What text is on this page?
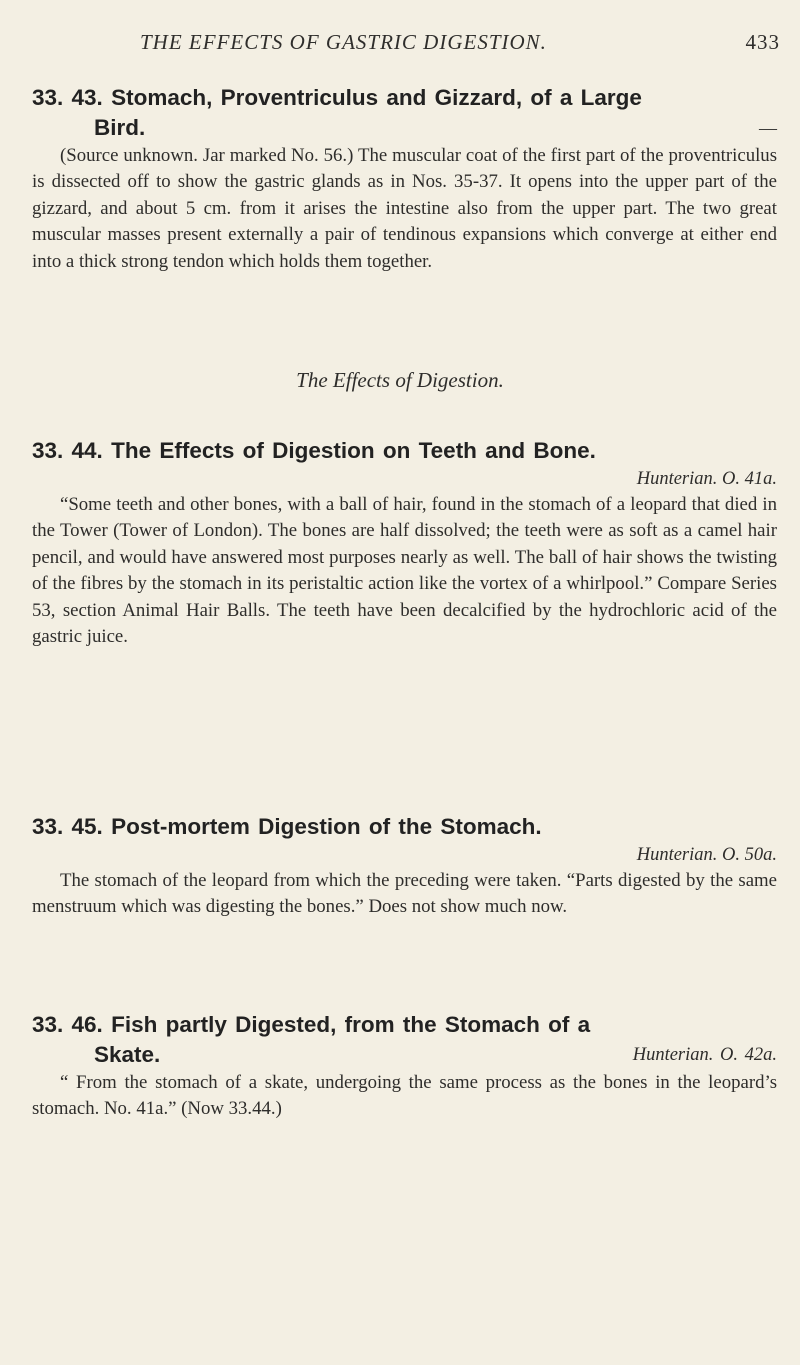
THE EFFECTS OF GASTRIC DIGESTION.	433
33. 43. Stomach, Proventriculus and Gizzard, of a Large
Bird.	—

(Source unknown. Jar marked No. 56.) The muscular coat of the first part of the proventriculus is dissected off to show the gastric glands as in Nos. 35-37. It opens into the upper part of the gizzard, and about 5 cm. from it arises the intestine also from the upper part. The two great muscular masses present externally a pair of tendinous expansions which converge at either end into a thick strong tendon which holds them together.

The Effects of Digestion.
33. 44. The Effects of Digestion on Teeth and Bone.
Hunterian. O. 41a.

“Some teeth and other bones, with a ball of hair, found in the stomach of a leopard that died in the Tower (Tower of London). The bones are half dissolved; the teeth were as soft as a camel hair pencil, and would have answered most purposes nearly as well. The ball of hair shows the twisting of the fibres by the stomach in its peristaltic action like the vortex of a whirlpool.” Compare Series 53, section Animal Hair Balls. The teeth have been decalcified by the hydrochloric acid of the gastric juice.

33. 45. Post-mortem Digestion of the Stomach.
Hunterian. O. 50a.

The stomach of the leopard from which the preceding were taken. “Parts digested by the same menstruum which was digesting the bones.” Does not show much now.

33. 46. Fish partly Digested, from the Stomach of a
Skate.	Hunterian. O. 42a.

“ From the stomach of a skate, undergoing the same process as the bones in the leopard’s stomach. No. 41a.” (Now 33.44.)
